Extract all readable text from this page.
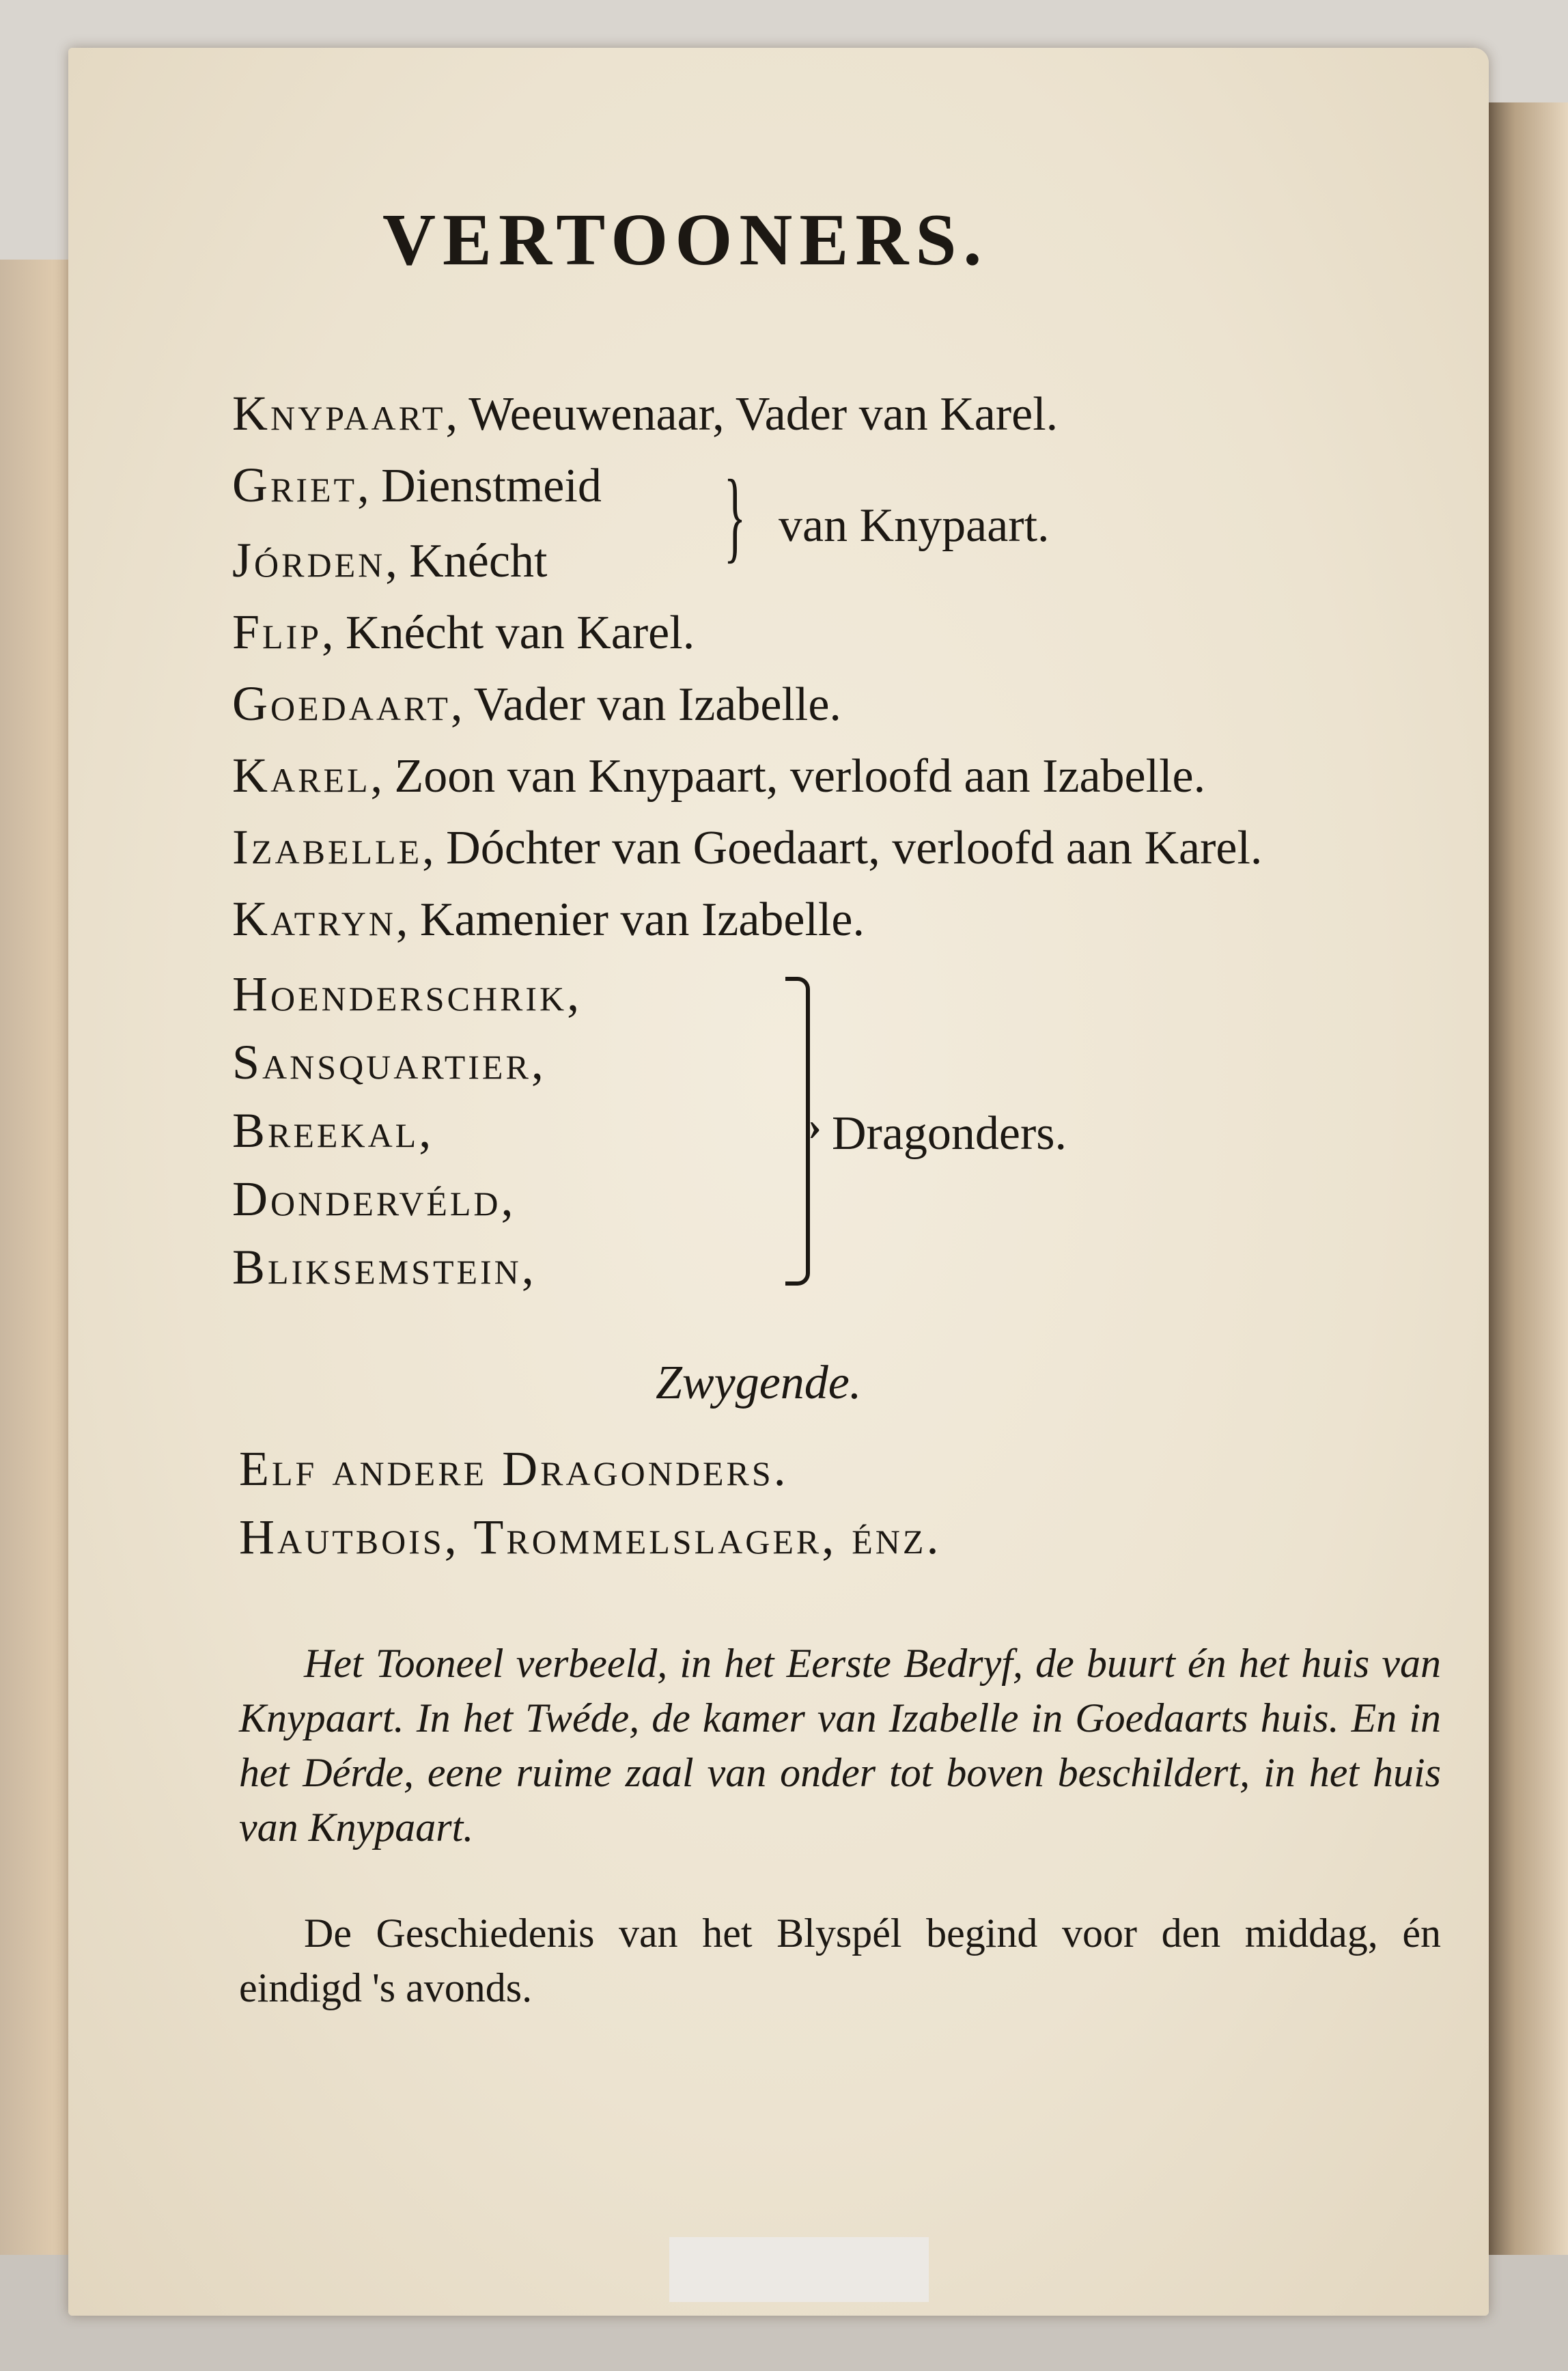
VERTOONERS.
Knypaart, Weeuwenaar, Vader van Karel.
Griet, Dienstmeid
Jórden, Knécht } van Knypaart.
Flip, Knécht van Karel.
Goedaart, Vader van Izabelle.
Karel, Zoon van Knypaart, verloofd aan Izabelle.
Izabelle, Dóchter van Goedaart, verloofd aan Karel.
Katryn, Kamenier van Izabelle.
Hoenderschrik,
Sansquartier,
Breekal,
Dondervéld,
Bliksemstein,
› Dragonders.
Zwygende.
Elf andere Dragonders.
Hautbois, Trommelslager, énz.
Het Tooneel verbeeld, in het Eerste Bedryf, de buurt én het huis van Knypaart. In het Twéde, de kamer van Izabelle in Goedaarts huis. En in het Dérde, eene ruime zaal van onder tot boven beschildert, in het huis van Knypaart.
De Geschiedenis van het Blyspél begind voor den middag, én eindigd 's avonds.
